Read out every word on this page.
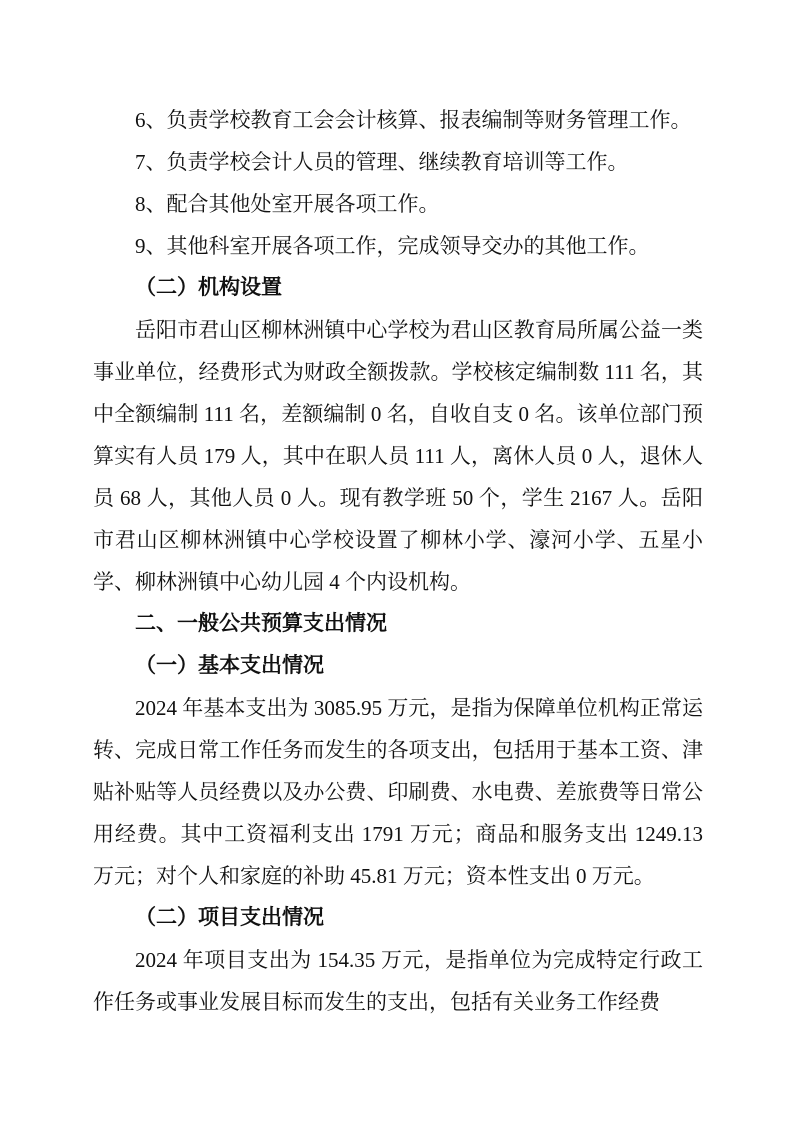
6、负责学校教育工会会计核算、报表编制等财务管理工作。

7、负责学校会计人员的管理、继续教育培训等工作。

8、配合其他处室开展各项工作。

9、其他科室开展各项工作，完成领导交办的其他工作。

（二）机构设置

岳阳市君山区柳林洲镇中心学校为君山区教育局所属公益一类事业单位，经费形式为财政全额拨款。学校核定编制数 111 名，其中全额编制 111 名，差额编制 0 名，自收自支 0 名。该单位部门预算实有人员 179 人，其中在职人员 111 人，离休人员 0 人，退休人员 68 人，其他人员 0 人。现有教学班 50 个，学生 2167 人。岳阳市君山区柳林洲镇中心学校设置了柳林小学、濠河小学、五星小学、柳林洲镇中心幼儿园 4 个内设机构。

二、一般公共预算支出情况

（一）基本支出情况

2024 年基本支出为 3085.95 万元，是指为保障单位机构正常运转、完成日常工作任务而发生的各项支出，包括用于基本工资、津贴补贴等人员经费以及办公费、印刷费、水电费、差旅费等日常公用经费。其中工资福利支出 1791 万元；商品和服务支出 1249.13 万元；对个人和家庭的补助 45.81 万元；资本性支出 0 万元。

（二）项目支出情况

2024 年项目支出为 154.35 万元，是指单位为完成特定行政工作任务或事业发展目标而发生的支出，包括有关业务工作经费
